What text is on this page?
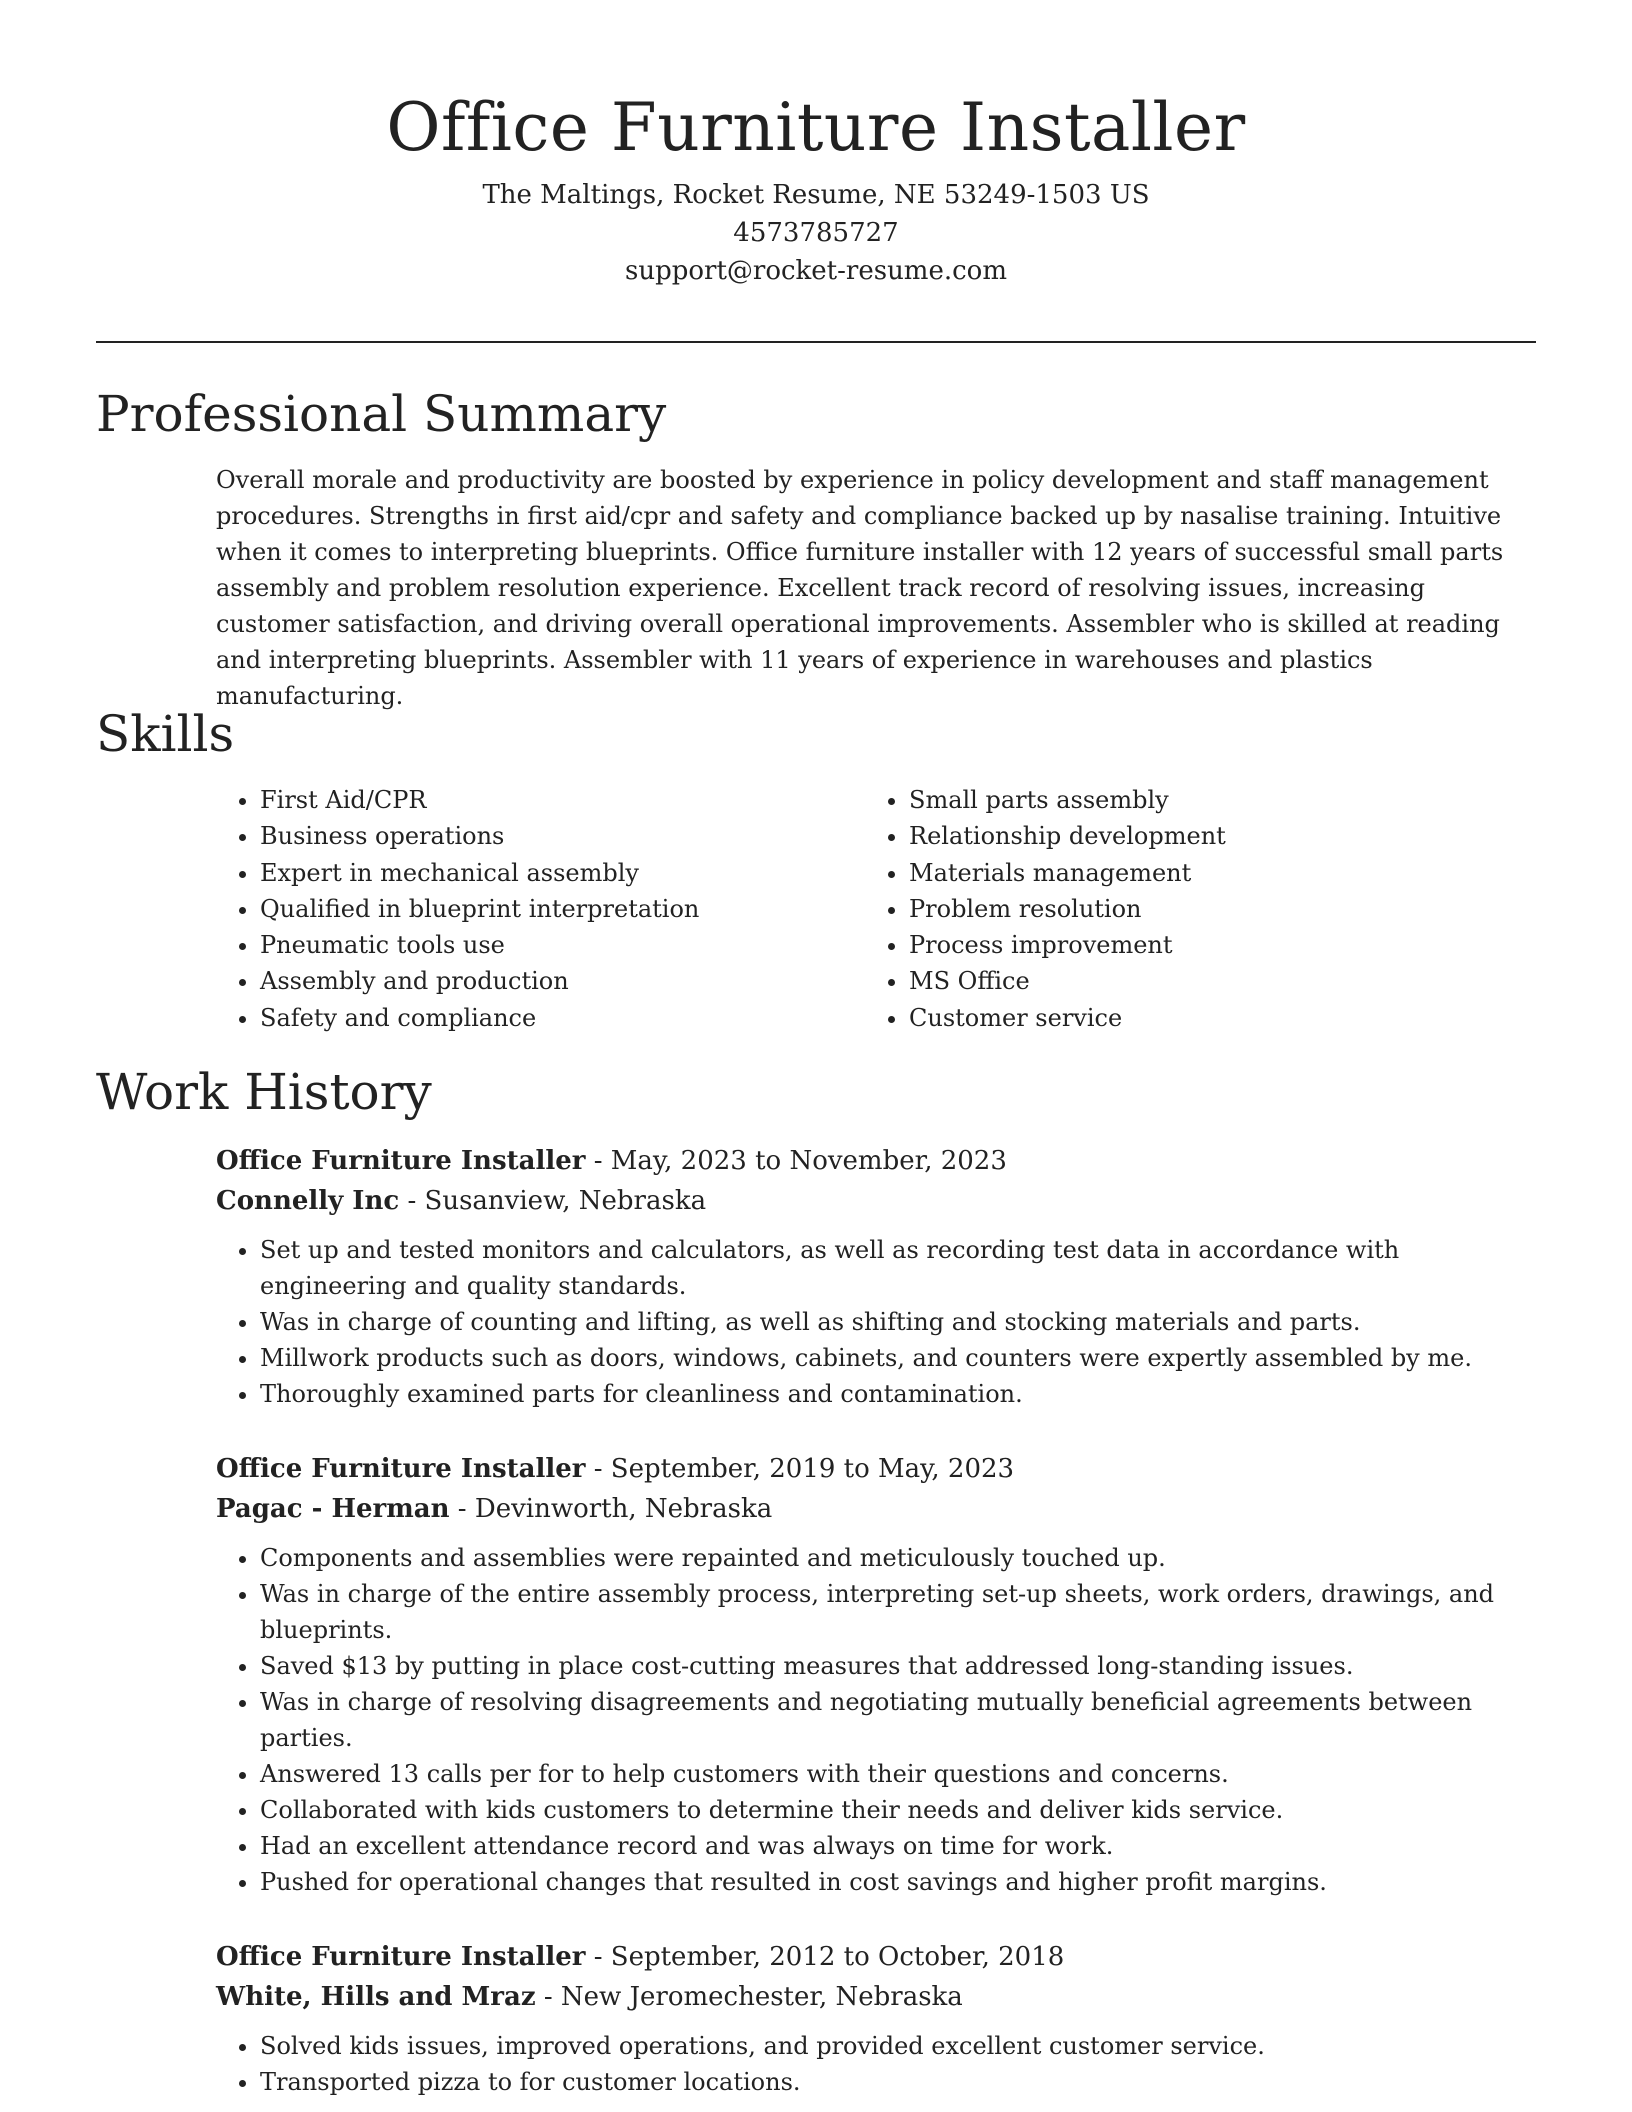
Office Furniture Installer
The Maltings, Rocket Resume, NE 53249-1503 US
4573785727
support@rocket-resume.com
Professional Summary

Overall morale and productivity are boosted by experience in policy development and staff management procedures. Strengths in first aid/cpr and safety and compliance backed up by nasalise training. Intuitive when it comes to interpreting blueprints. Office furniture installer with 12 years of successful small parts assembly and problem resolution experience. Excellent track record of resolving issues, increasing customer satisfaction, and driving overall operational improvements. Assembler who is skilled at reading and interpreting blueprints. Assembler with 11 years of experience in warehouses and plastics manufacturing.

Skills
• First Aid/CPR
• Business operations
• Expert in mechanical assembly
• Qualified in blueprint interpretation
• Pneumatic tools use
• Assembly and production
• Safety and compliance
• Small parts assembly
• Relationship development
• Materials management
• Problem resolution
• Process improvement
• MS Office
• Customer service
Work History
Office Furniture Installer - May, 2023 to November, 2023
Connelly Inc - Susanview, Nebraska
• Set up and tested monitors and calculators, as well as recording test data in accordance with engineering and quality standards.
• Was in charge of counting and lifting, as well as shifting and stocking materials and parts.
• Millwork products such as doors, windows, cabinets, and counters were expertly assembled by me.
• Thoroughly examined parts for cleanliness and contamination.
Office Furniture Installer - September, 2019 to May, 2023
Pagac - Herman - Devinworth, Nebraska
• Components and assemblies were repainted and meticulously touched up.
• Was in charge of the entire assembly process, interpreting set-up sheets, work orders, drawings, and blueprints.
• Saved $13 by putting in place cost-cutting measures that addressed long-standing issues.
• Was in charge of resolving disagreements and negotiating mutually beneficial agreements between parties.
• Answered 13 calls per for to help customers with their questions and concerns.
• Collaborated with kids customers to determine their needs and deliver kids service.
• Had an excellent attendance record and was always on time for work.
• Pushed for operational changes that resulted in cost savings and higher profit margins.
Office Furniture Installer - September, 2012 to October, 2018
White, Hills and Mraz - New Jeromechester, Nebraska
• Solved kids issues, improved operations, and provided excellent customer service.
• Transported pizza to for customer locations.
